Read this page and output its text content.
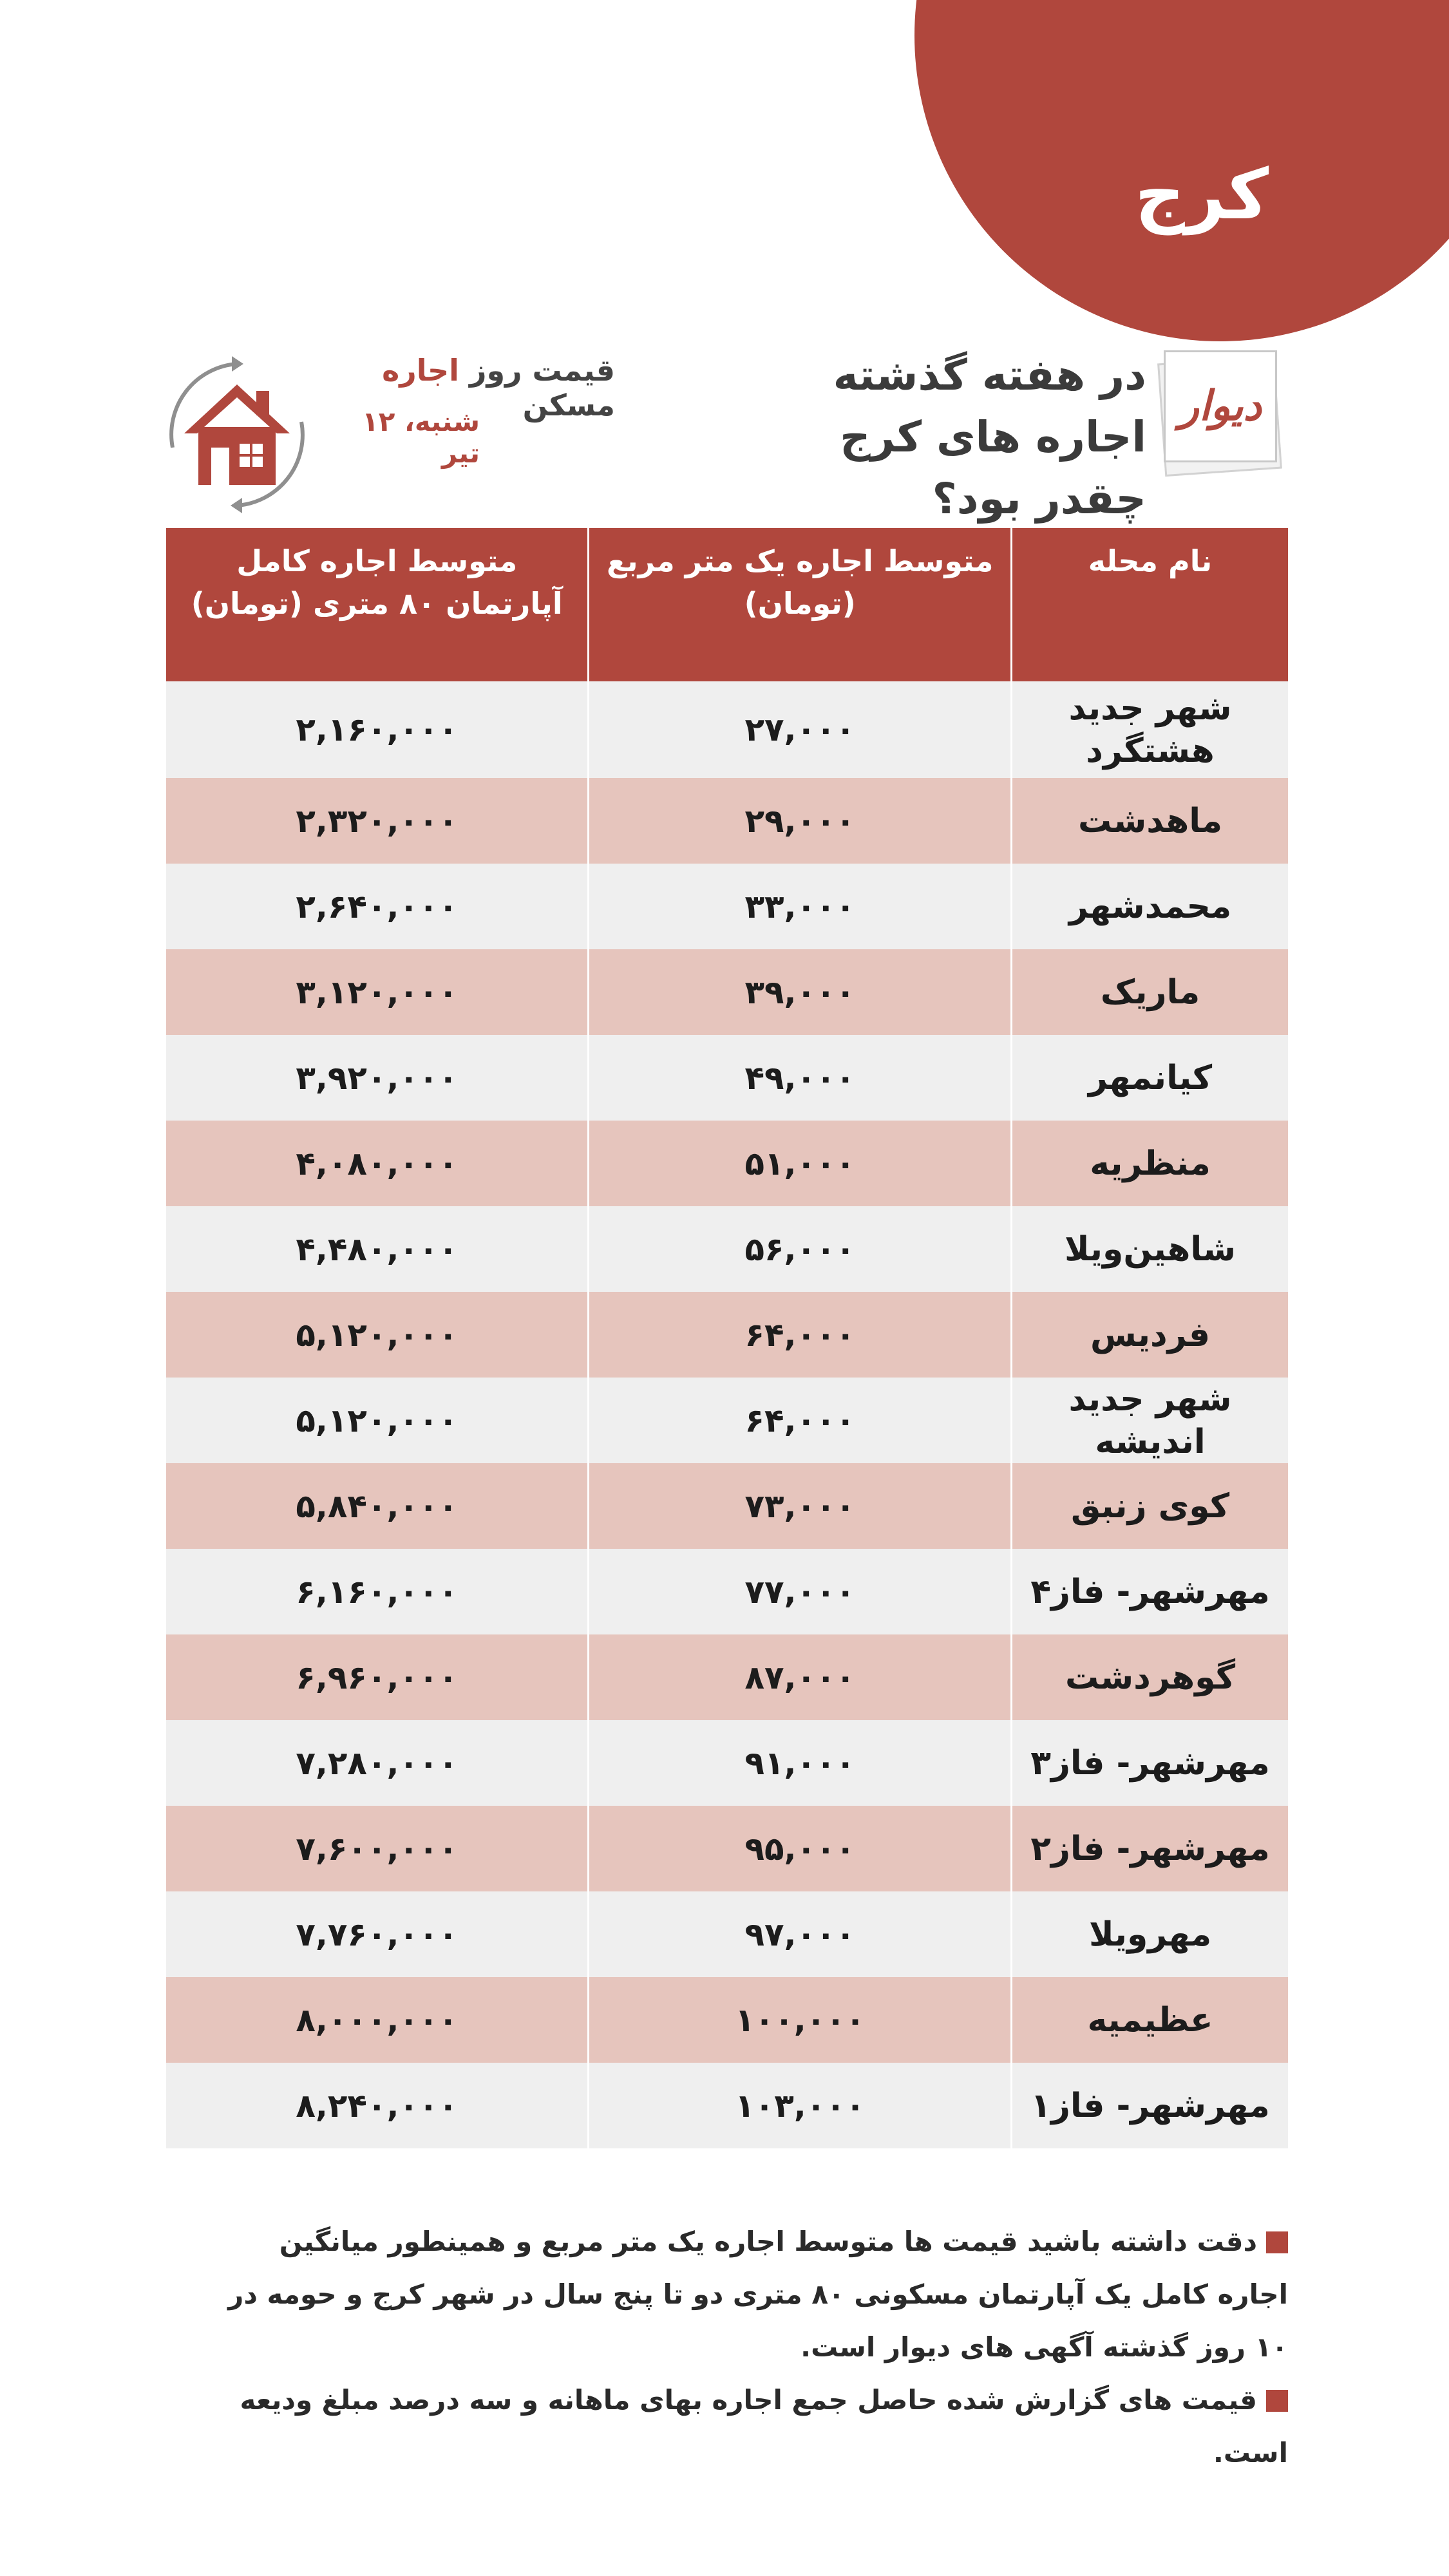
کرج
دیوار
در هفته گذشته اجاره های کرج چقدر بود؟
قیمت روز اجاره مسکن
شنبه، ۱۲ تیر
نام محله	متوسط اجاره یک متر مربع (تومان)	متوسط اجاره کامل آپارتمان ۸۰ متری (تومان)
شهر جدید هشتگرد	۲۷,۰۰۰	۲,۱۶۰,۰۰۰
ماهدشت	۲۹,۰۰۰	۲,۳۲۰,۰۰۰
محمدشهر	۳۳,۰۰۰	۲,۶۴۰,۰۰۰
ماریک	۳۹,۰۰۰	۳,۱۲۰,۰۰۰
کیانمهر	۴۹,۰۰۰	۳,۹۲۰,۰۰۰
منظریه	۵۱,۰۰۰	۴,۰۸۰,۰۰۰
شاهین‌ویلا	۵۶,۰۰۰	۴,۴۸۰,۰۰۰
فردیس	۶۴,۰۰۰	۵,۱۲۰,۰۰۰
شهر جدید اندیشه	۶۴,۰۰۰	۵,۱۲۰,۰۰۰
کوی زنبق	۷۳,۰۰۰	۵,۸۴۰,۰۰۰
مهرشهر- فاز۴	۷۷,۰۰۰	۶,۱۶۰,۰۰۰
گوهردشت	۸۷,۰۰۰	۶,۹۶۰,۰۰۰
مهرشهر- فاز۳	۹۱,۰۰۰	۷,۲۸۰,۰۰۰
مهرشهر- فاز۲	۹۵,۰۰۰	۷,۶۰۰,۰۰۰
مهرویلا	۹۷,۰۰۰	۷,۷۶۰,۰۰۰
عظیمیه	۱۰۰,۰۰۰	۸,۰۰۰,۰۰۰
مهرشهر- فاز۱	۱۰۳,۰۰۰	۸,۲۴۰,۰۰۰

دقت داشته باشید قیمت ها متوسط اجاره یک متر مربع و همینطور میانگین اجاره کامل یک آپارتمان مسکونی ۸۰ متری دو تا پنج سال در شهر کرج و حومه در ۱۰ روز گذشته آگهی های دیوار است.

قیمت های گزارش شده حاصل جمع اجاره بهای ماهانه و سه درصد مبلغ ودیعه است.
